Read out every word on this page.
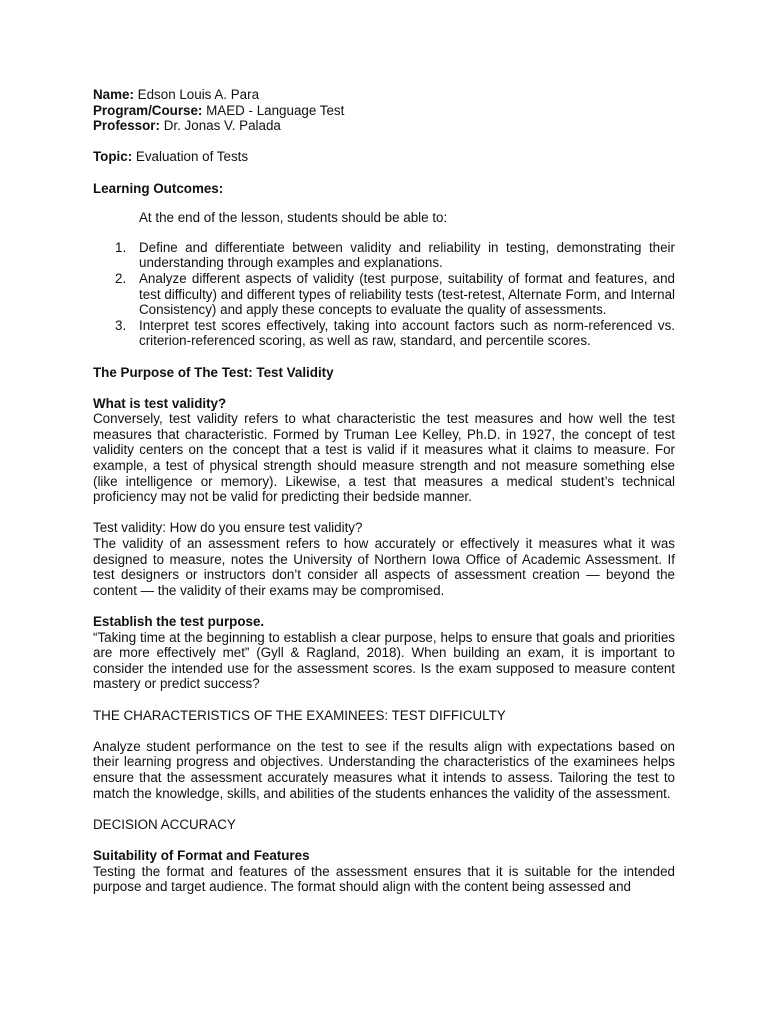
Name: Edson Louis A. Para

Program/Course: MAED - Language Test

Professor: Dr. Jonas V. Palada

Topic: Evaluation of Tests

Learning Outcomes:

At the end of the lesson, students should be able to:

1. Define and differentiate between validity and reliability in testing, demonstrating their understanding through examples and explanations.
2. Analyze different aspects of validity (test purpose, suitability of format and features, and test difficulty) and different types of reliability tests (test-retest, Alternate Form, and Internal Consistency) and apply these concepts to evaluate the quality of assessments.
3. Interpret test scores effectively, taking into account factors such as norm-referenced vs. criterion-referenced scoring, as well as raw, standard, and percentile scores.

The Purpose of The Test: Test Validity

What is test validity?

Conversely, test validity refers to what characteristic the test measures and how well the test measures that characteristic. Formed by Truman Lee Kelley, Ph.D. in 1927, the concept of test validity centers on the concept that a test is valid if it measures what it claims to measure. For example, a test of physical strength should measure strength and not measure something else (like intelligence or memory). Likewise, a test that measures a medical student’s technical proficiency may not be valid for predicting their bedside manner.

Test validity: How do you ensure test validity?

The validity of an assessment refers to how accurately or effectively it measures what it was designed to measure, notes the University of Northern Iowa Office of Academic Assessment. If test designers or instructors don’t consider all aspects of assessment creation — beyond the content — the validity of their exams may be compromised.

Establish the test purpose.

“Taking time at the beginning to establish a clear purpose, helps to ensure that goals and priorities are more effectively met” (Gyll & Ragland, 2018). When building an exam, it is important to consider the intended use for the assessment scores. Is the exam supposed to measure content mastery or predict success?

THE CHARACTERISTICS OF THE EXAMINEES: TEST DIFFICULTY

Analyze student performance on the test to see if the results align with expectations based on their learning progress and objectives. Understanding the characteristics of the examinees helps ensure that the assessment accurately measures what it intends to assess. Tailoring the test to match the knowledge, skills, and abilities of the students enhances the validity of the assessment.

DECISION ACCURACY

Suitability of Format and Features

Testing the format and features of the assessment ensures that it is suitable for the intended purpose and target audience. The format should align with the content being assessed and
